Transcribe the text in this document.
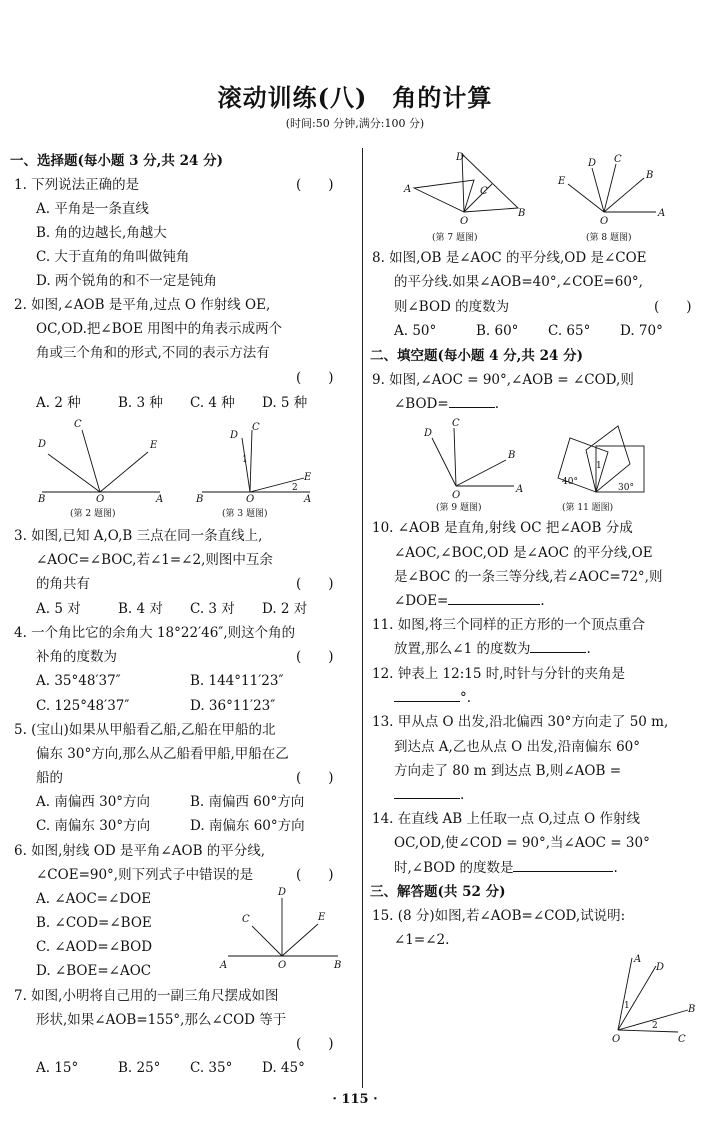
滚动训练(八)　角的计算
(时间:50 分钟,满分:100 分)
一、选择题(每小题 3 分,共 24 分)
1. 下列说法正确的是	(　　)
A. 平角是一条直线
B. 角的边越长,角越大
C. 大于直角的角叫做钝角
D. 两个锐角的和不一定是钝角
2. 如图,∠AOB 是平角,过点 O 作射线 OE,
OC,OD.把∠BOE 用图中的角表示成两个
角或三个角和的形式,不同的表示方法有
(　　)
A. 2 种	B. 3 种 C. 4 种 D. 5 种
D
C
E
B	O	A
D
C
E
B	O	A
1
2
(第 2 题图)	(第 3 题图)
3. 如图,已知 A,O,B 三点在同一条直线上,
∠AOC=∠BOC,若∠1=∠2,则图中互余
的角共有	(　　)
A. 5 对	B. 4 对 C. 3 对 D. 2 对
4. 一个角比它的余角大 18°22′46″,则这个角的
补角的度数为	(　　)
A. 35°48′37″	B. 144°11′23″
C. 125°48′37″	D. 36°11′23″
5. (宝山)如果从甲船看乙船,乙船在甲船的北
偏东 30°方向,那么从乙船看甲船,甲船在乙
船的	(　　)
A. 南偏西 30°方向	B. 南偏西 60°方向
C. 南偏东 30°方向	D. 南偏东 60°方向
6. 如图,射线 OD 是平角∠AOB 的平分线,
∠COE=90°,则下列式子中错误的是	(　　)
A. ∠AOC=∠DOE
B. ∠COD=∠BOE
C. ∠AOD=∠BOD
D. ∠BOE=∠AOC
D
C	E
A	O	B
7. 如图,小明将自己用的一副三角尺摆成如图
形状,如果∠AOB=155°,那么∠COD 等于
(　　)
A. 15°	B. 25° C. 35° D. 45°
D
A	C
B
O
D C
E
B
A
O
(第 7 题图)	(第 8 题图)
8. 如图,OB 是∠AOC 的平分线,OD 是∠COE
的平分线.如果∠AOB=40°,∠COE=60°,
则∠BOD 的度数为	(　　)
A. 50°	B. 60° C. 65° D. 70°
二、填空题(每小题 4 分,共 24 分)
9. 如图,∠AOC = 90°,∠AOB = ∠COD,则
∠BOD=	.
D
C
B
A
O
40°
30°
1
(第 9 题图)	(第 11 题图)
10. ∠AOB 是直角,射线 OC 把∠AOB 分成
∠AOC,∠BOC,OD 是∠AOC 的平分线,OE
是∠BOC 的一条三等分线,若∠AOC=72°,则
∠DOE=	.
11. 如图,将三个同样的正方形的一个顶点重合
放置,那么∠1 的度数为	.
12. 钟表上 12:15 时,时针与分针的夹角是
°.
13. 甲从点 O 出发,沿北偏西 30°方向走了 50 m,
到达点 A,乙也从点 O 出发,沿南偏东 60°
方向走了 80 m 到达点 B,则∠AOB =
.
14. 在直线 AB 上任取一点 O,过点 O 作射线
OC,OD,使∠COD = 90°,当∠AOC = 30°
时,∠BOD 的度数是	.
三、解答题(共 52 分)
15. (8 分)如图,若∠AOB=∠COD,试说明:
∠1=∠2.
A
D
B
C
O
1
2
· 115 ·
